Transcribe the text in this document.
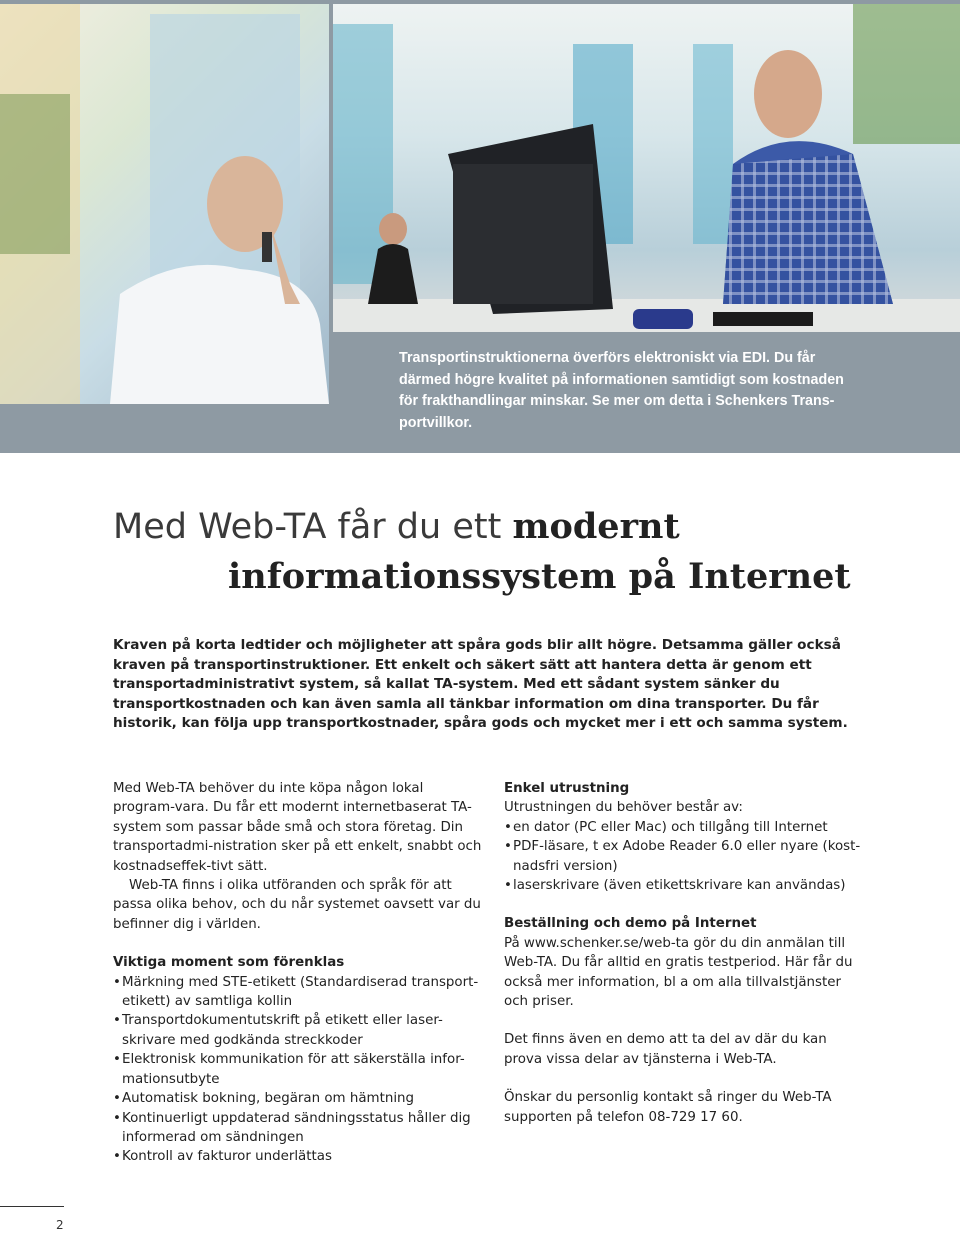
Transportinstruktionerna överförs elektroniskt via EDI. Du får

därmed högre kvalitet på informationen samtidigt som kostnaden

för frakthandlingar minskar. Se mer om detta i Schenkers Trans-

portvillkor.

Med Web-TA får du ett modernt
informationssystem på Internet

Kraven på korta ledtider och möjligheter att spåra gods blir allt högre. Detsamma gäller också kraven på transportinstruktioner. Ett enkelt och säkert sätt att hantera detta är genom ett transportadministrativt system, så kallat TA-system. Med ett sådant system sänker du transportkostnaden och kan även samla all tänkbar information om dina transporter. Du får historik, kan följa upp transportkostnader, spåra gods och mycket mer i ett och samma system.

Med Web-TA behöver du inte köpa någon lokal program-vara. Du får ett modernt internetbaserat TA-system som passar både små och stora företag. Din transportadmi-nistration sker på ett enkelt, snabbt och kostnadseffek-tivt sätt.

Web-TA finns i olika utföranden och språk för att passa olika behov, och du når systemet oavsett var du befinner dig i världen.

Viktiga moment som förenklas
• Märkning med STE-etikett (Standardiserad transport-etikett) av samtliga kollin
• Transportdokumentutskrift på etikett eller laser-skrivare med godkända streckkoder
• Elektronisk kommunikation för att säkerställa infor-mationsutbyte
• Automatisk bokning, begäran om hämtning
• Kontinuerligt uppdaterad sändningsstatus håller dig informerad om sändningen
• Kontroll av fakturor underlättas
Enkel utrustning

Utrustningen du behöver består av:

• en dator (PC eller Mac) och tillgång till Internet
• PDF-läsare, t ex Adobe Reader 6.0 eller nyare (kost-nadsfri version)
• laserskrivare (även etikettskrivare kan användas)
Beställning och demo på Internet

På www.schenker.se/web-ta gör du din anmälan till Web-TA. Du får alltid en gratis testperiod. Här får du också mer information, bl a om alla tillvalstjänster och priser.

Det finns även en demo att ta del av där du kan prova vissa delar av tjänsterna i Web-TA.

Önskar du personlig kontakt så ringer du Web-TA supporten på telefon 08-729 17 60.

2
